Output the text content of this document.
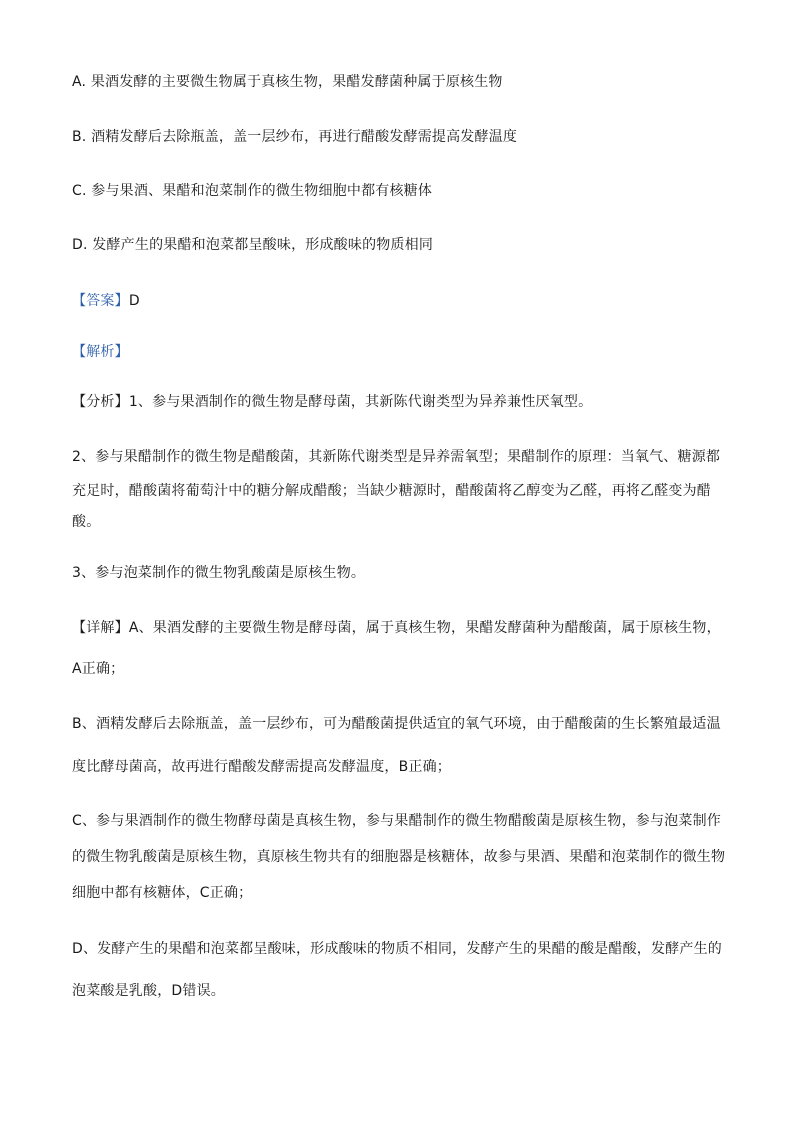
A. 果酒发酵的主要微生物属于真核生物，果醋发酵菌种属于原核生物
B. 酒精发酵后去除瓶盖，盖一层纱布，再进行醋酸发酵需提高发酵温度
C. 参与果酒、果醋和泡菜制作的微生物细胞中都有核糖体
D. 发酵产生的果醋和泡菜都呈酸味，形成酸味的物质相同
【答案】D
【解析】
【分析】1、参与果酒制作的微生物是酵母菌，其新陈代谢类型为异养兼性厌氧型。
2、参与果醋制作的微生物是醋酸菌，其新陈代谢类型是异养需氧型；果醋制作的原理：当氧气、糖源都
充足时，醋酸菌将葡萄汁中的糖分解成醋酸；当缺少糖源时，醋酸菌将乙醇变为乙醛，再将乙醛变为醋
酸。
3、参与泡菜制作的微生物乳酸菌是原核生物。
【详解】A、果酒发酵的主要微生物是酵母菌，属于真核生物，果醋发酵菌种为醋酸菌，属于原核生物，
A正确；
B、酒精发酵后去除瓶盖，盖一层纱布，可为醋酸菌提供适宜的氧气环境，由于醋酸菌的生长繁殖最适温
度比酵母菌高，故再进行醋酸发酵需提高发酵温度，B正确；
C、参与果酒制作的微生物酵母菌是真核生物，参与果醋制作的微生物醋酸菌是原核生物，参与泡菜制作
的微生物乳酸菌是原核生物，真原核生物共有的细胞器是核糖体，故参与果酒、果醋和泡菜制作的微生物
细胞中都有核糖体，C正确；
D、发酵产生的果醋和泡菜都呈酸味，形成酸味的物质不相同，发酵产生的果醋的酸是醋酸，发酵产生的
泡菜酸是乳酸，D错误。
